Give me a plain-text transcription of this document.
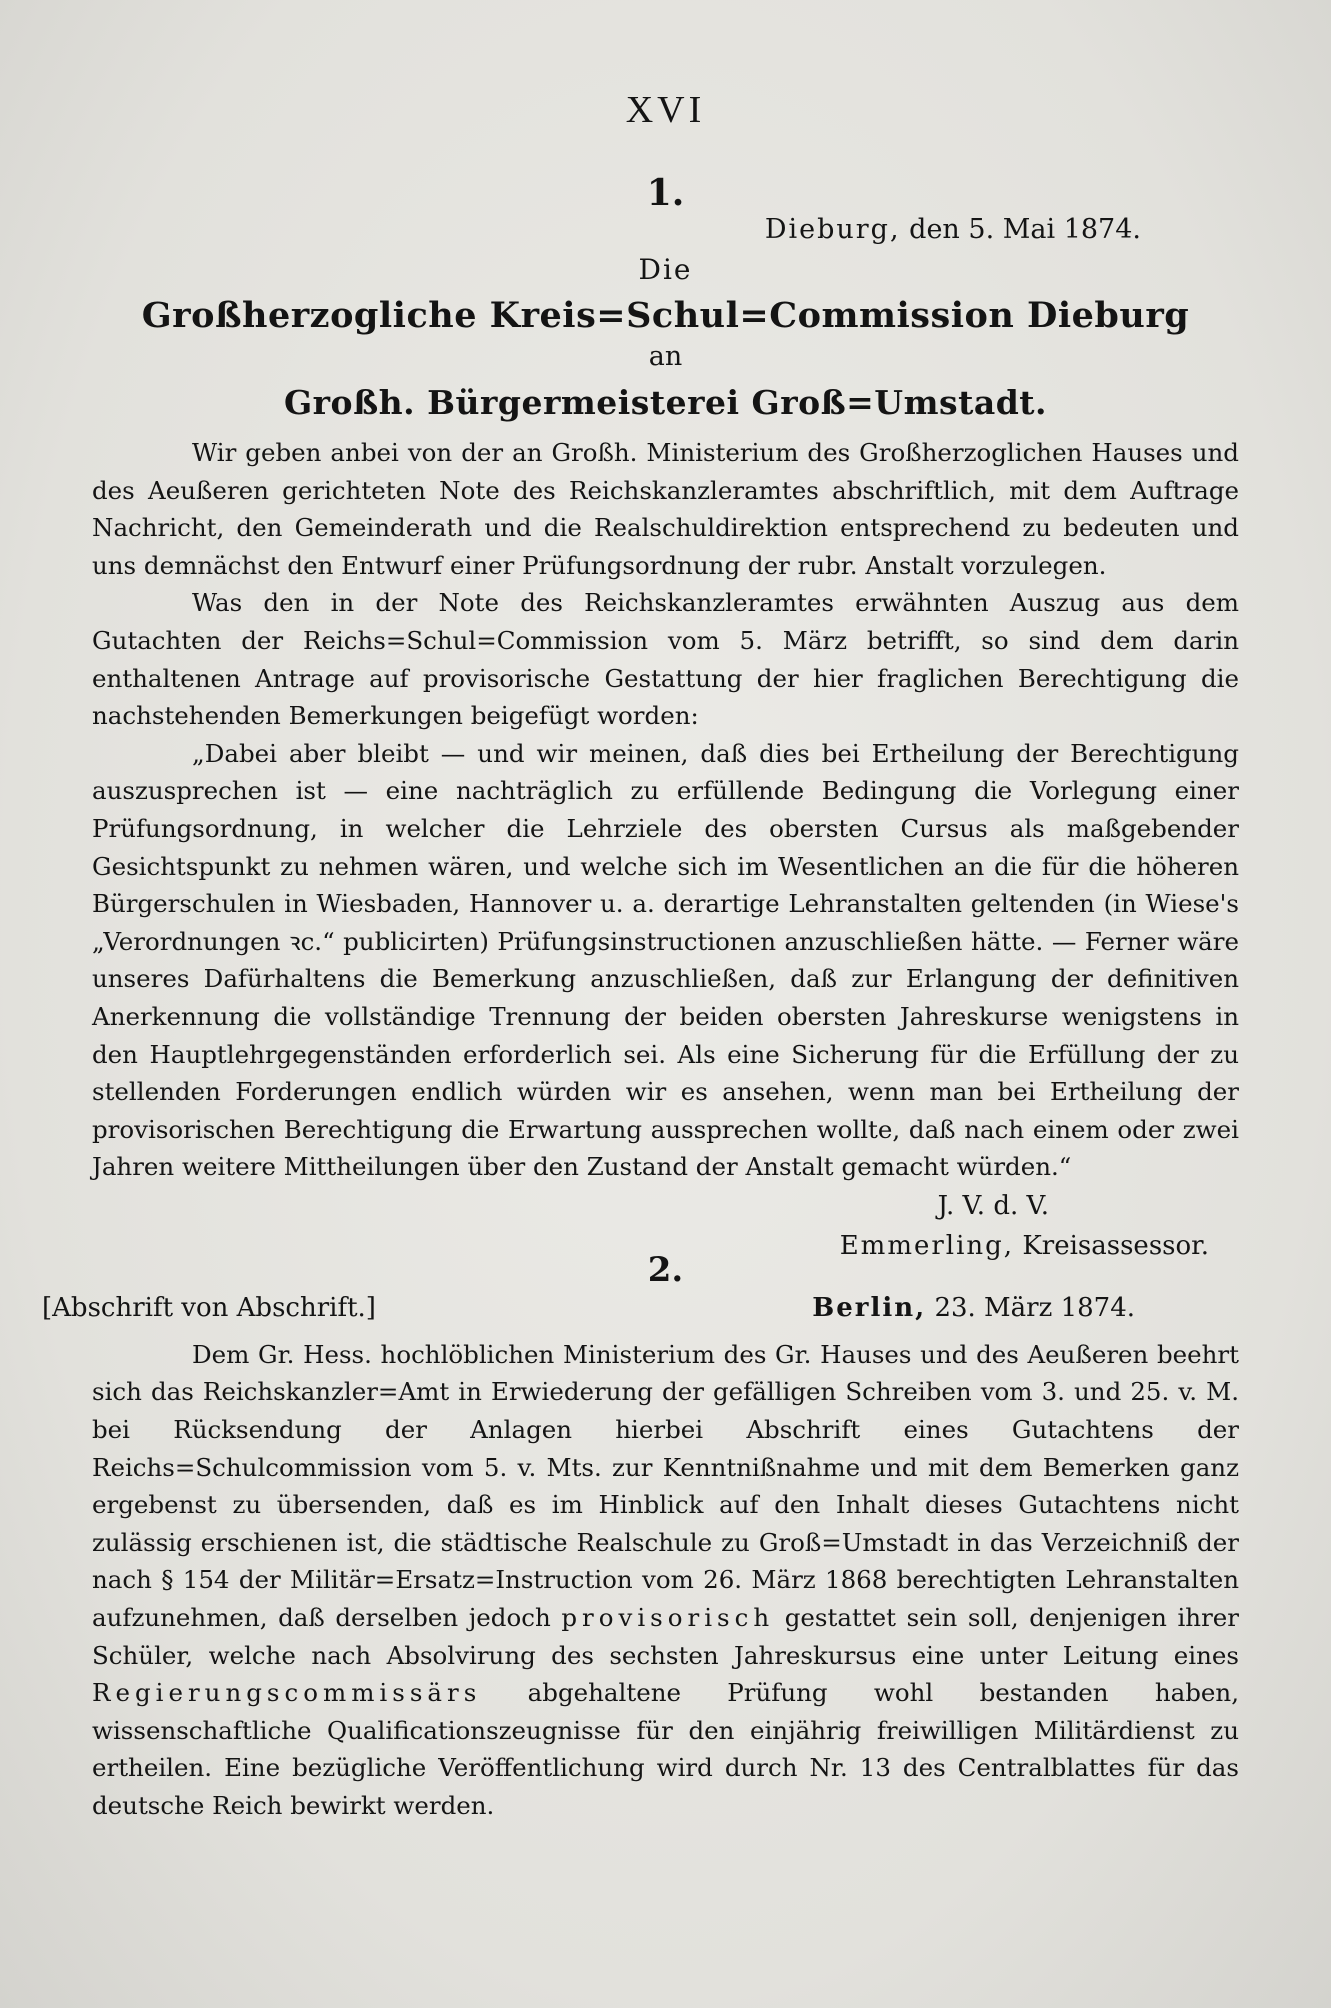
XVI
1.
Dieburg, den 5. Mai 1874.
Die
Großherzogliche Kreis=Schul=Commission Dieburg
an
Großh. Bürgermeisterei Groß=Umstadt.

Wir geben anbei von der an Großh. Ministerium des Großherzoglichen Hauses und des Aeußeren gerichteten Note des Reichskanzleramtes abschriftlich, mit dem Auftrage Nachricht, den Gemeinderath und die Realschuldirektion entsprechend zu bedeuten und uns demnächst den Entwurf einer Prüfungsordnung der rubr. Anstalt vorzulegen.

Was den in der Note des Reichskanzleramtes erwähnten Auszug aus dem Gutachten der Reichs=Schul=Commission vom 5. März betrifft, so sind dem darin enthaltenen Antrage auf provisorische Gestattung der hier fraglichen Berechtigung die nachstehenden Bemerkungen beigefügt worden:

„Dabei aber bleibt — und wir meinen, daß dies bei Ertheilung der Berechtigung auszusprechen ist — eine nachträglich zu erfüllende Bedingung die Vorlegung einer Prüfungsordnung, in welcher die Lehrziele des obersten Cursus als maßgebender Gesichtspunkt zu nehmen wären, und welche sich im Wesentlichen an die für die höheren Bürgerschulen in Wiesbaden, Hannover u. a. derartige Lehranstalten geltenden (in Wiese's „Verordnungen ꝛc.“ publicirten) Prüfungsinstructionen anzuschließen hätte. — Ferner wäre unseres Dafürhaltens die Bemerkung anzuschließen, daß zur Erlangung der definitiven Anerkennung die vollständige Trennung der beiden obersten Jahreskurse wenigstens in den Hauptlehrgegenständen erforderlich sei. Als eine Sicherung für die Erfüllung der zu stellenden Forderungen endlich würden wir es ansehen, wenn man bei Ertheilung der provisorischen Berechtigung die Erwartung aussprechen wollte, daß nach einem oder zwei Jahren weitere Mittheilungen über den Zustand der Anstalt gemacht würden.“

J. V. d. V.
Emmerling, Kreisassessor.
2.
[Abschrift von Abschrift.]	Berlin, 23. März 1874.

Dem Gr. Hess. hochlöblichen Ministerium des Gr. Hauses und des Aeußeren beehrt sich das Reichskanzler=Amt in Erwiederung der gefälligen Schreiben vom 3. und 25. v. M. bei Rücksendung der Anlagen hierbei Abschrift eines Gutachtens der Reichs=Schulcommission vom 5. v. Mts. zur Kenntnißnahme und mit dem Bemerken ganz ergebenst zu übersenden, daß es im Hinblick auf den Inhalt dieses Gutachtens nicht zulässig erschienen ist, die städtische Realschule zu Groß=Umstadt in das Verzeichniß der nach § 154 der Militär=Ersatz=Instruction vom 26. März 1868 berechtigten Lehranstalten aufzunehmen, daß derselben jedoch provisorisch gestattet sein soll, denjenigen ihrer Schüler, welche nach Absolvirung des sechsten Jahreskursus eine unter Leitung eines Regierungscommissärs abgehaltene Prüfung wohl bestanden haben, wissenschaftliche Qualificationszeugnisse für den einjährig freiwilligen Militärdienst zu ertheilen. Eine bezügliche Veröffentlichung wird durch Nr. 13 des Centralblattes für das deutsche Reich bewirkt werden.
